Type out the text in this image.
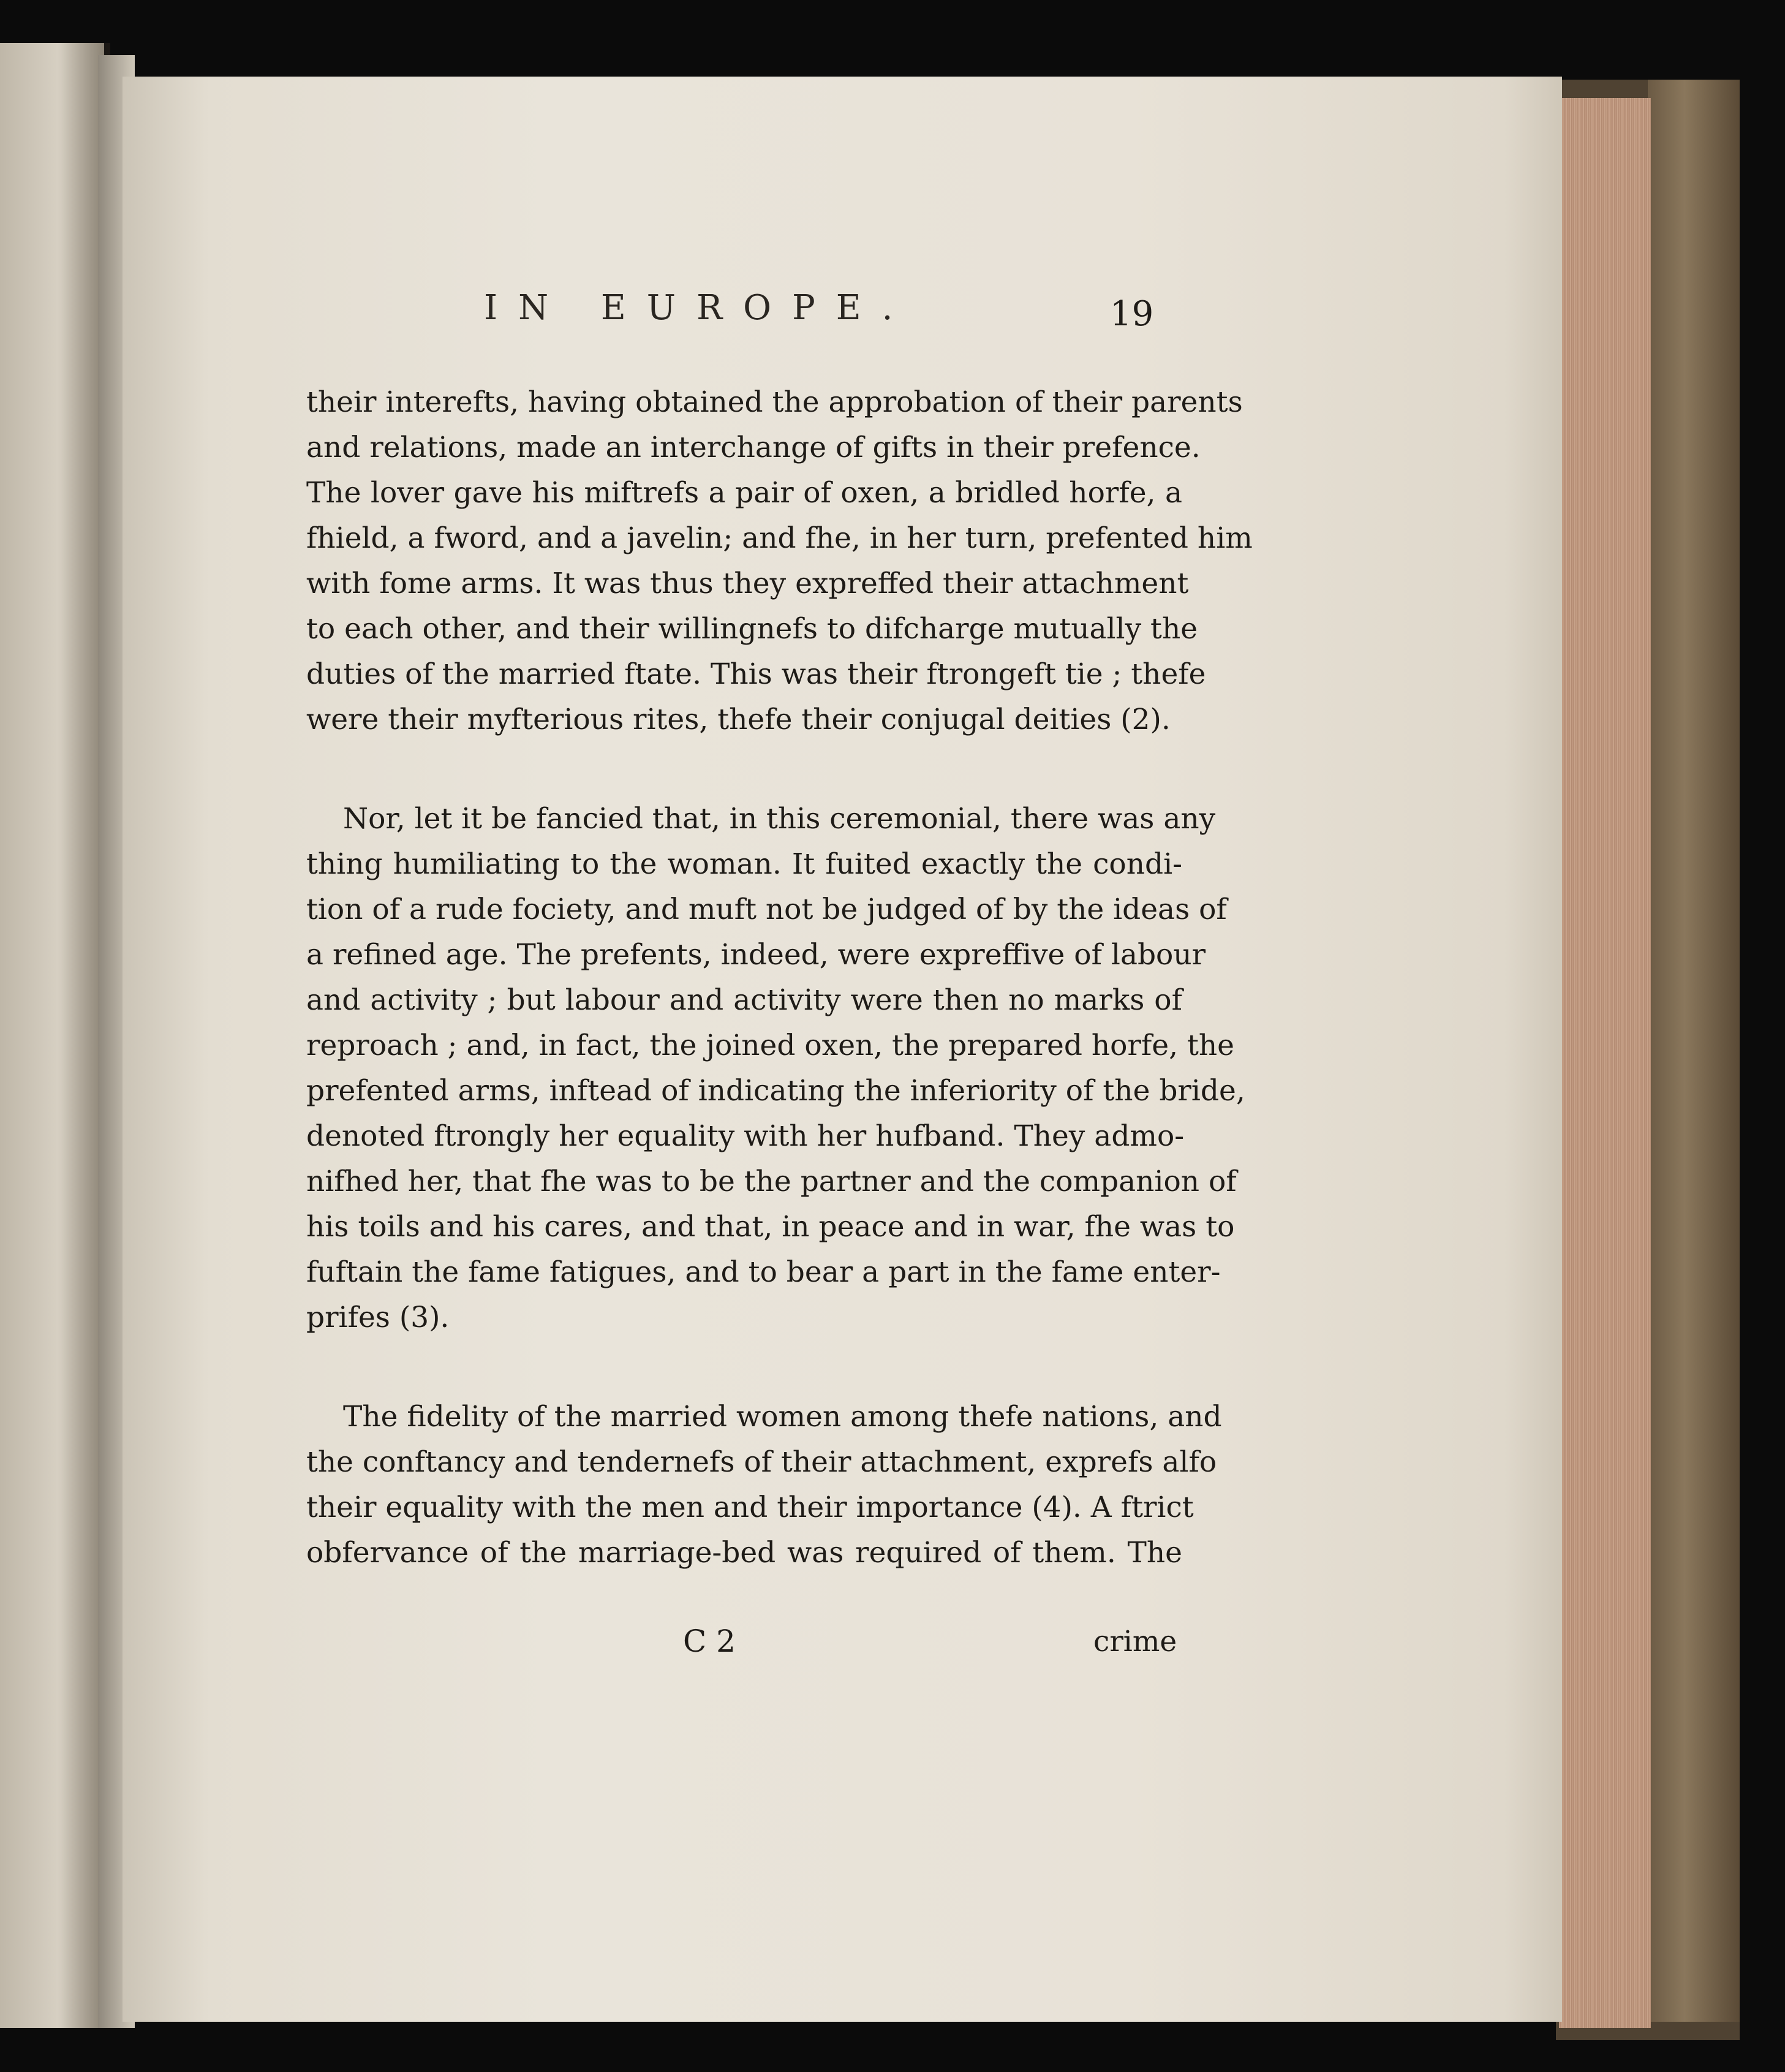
IN EUROPE.	19
their interefts, having obtained the approbation of their parents
and relations, made an interchange of gifts in their prefence.
The lover gave his miftrefs a pair of oxen, a bridled horfe, a
fhield, a fword, and a javelin; and fhe, in her turn, prefented him
with fome arms. It was thus they expreffed their attachment
to each other, and their willingnefs to difcharge mutually the
duties of the married ftate. This was their ftrongeft tie ; thefe
were their myfterious rites, thefe their conjugal deities (2).
Nor, let it be fancied that, in this ceremonial, there was any
thing humiliating to the woman. It fuited exactly the condi-
tion of a rude fociety, and muft not be judged of by the ideas of
a refined age. The prefents, indeed, were expreffive of labour
and activity ; but labour and activity were then no marks of
reproach ; and, in fact, the joined oxen, the prepared horfe, the
prefented arms, inftead of indicating the inferiority of the bride,
denoted ftrongly her equality with her hufband. They admo-
nifhed her, that fhe was to be the partner and the companion of
his toils and his cares, and that, in peace and in war, fhe was to
fuftain the fame fatigues, and to bear a part in the fame enter-
prifes (3).
The fidelity of the married women among thefe nations, and
the conftancy and tendernefs of their attachment, exprefs alfo
their equality with the men and their importance (4). A ftrict
obfervance of the marriage-bed was required of them. The
C 2	crime
